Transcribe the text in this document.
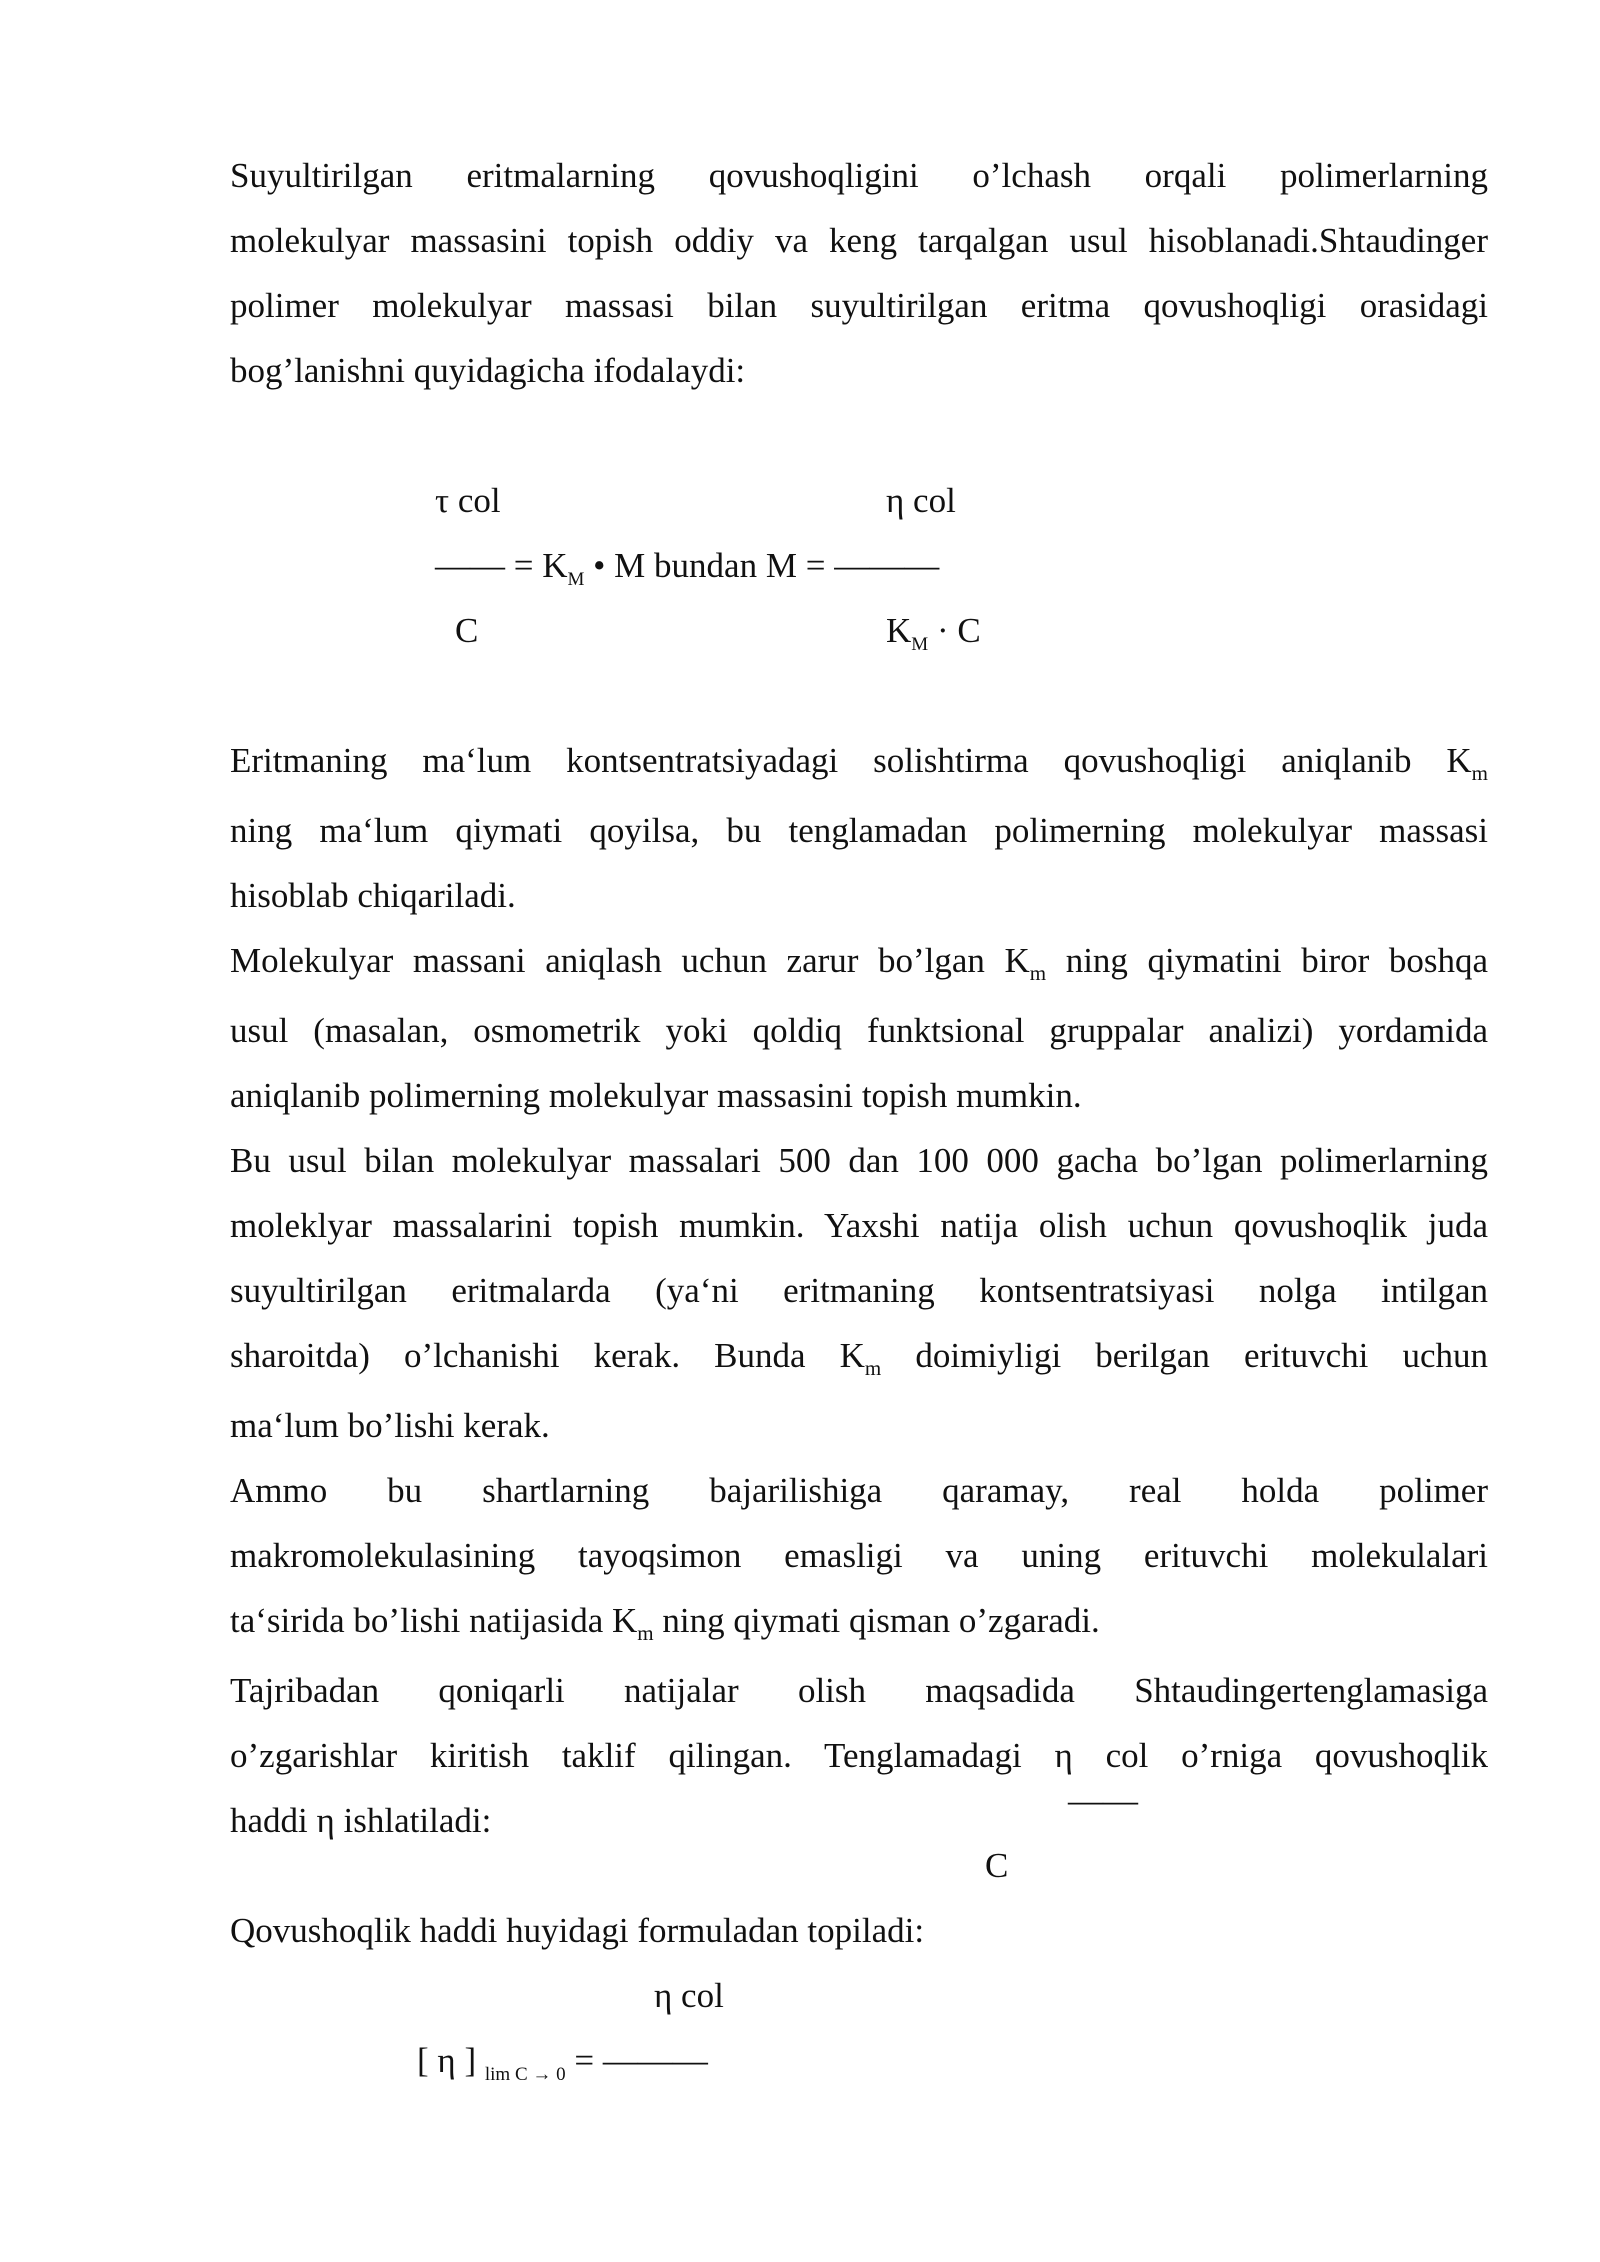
Suyultirilgan eritmalarning qovushoqligini o’lchash orqali polimerlarning

molekulyar massasini topish oddiy va keng tarqalgan usul hisoblanadi.Shtaudinger

polimer molekulyar massasi bilan suyultirilgan eritma qovushoqligi orasidagi

bog’lanishni quyidagicha ifodalaydi:

τ col	η col
—— = $K_M$ • M bundan M = ———
C	$K_M \cdot C$

Eritmaning ma‘lum kontsentratsiyadagi solishtirma qovushoqligi aniqlanib $K_m$

ning ma‘lum qiymati qoyilsa, bu tenglamadan polimerning molekulyar massasi

hisoblab chiqariladi.

Molekulyar massani aniqlash uchun zarur bo’lgan $K_m$ ning qiymatini biror boshqa

usul (masalan, osmometrik yoki qoldiq funktsional gruppalar analizi) yordamida

aniqlanib polimerning molekulyar massasini topish mumkin.

Bu usul bilan molekulyar massalari 500 dan 100 000 gacha bo’lgan polimerlarning

moleklyar massalarini topish mumkin. Yaxshi natija olish uchun qovushoqlik juda

suyultirilgan eritmalarda (ya‘ni eritmaning kontsentratsiyasi nolga intilgan

sharoitda) o’lchanishi kerak. Bunda $K_m$ doimiyligi berilgan erituvchi uchun

ma‘lum bo’lishi kerak.

Ammo bu shartlarning bajarilishiga qaramay, real holda polimer

makromolekulasining tayoqsimon emasligi va uning erituvchi molekulalari

ta‘sirida bo’lishi natijasida $K_m$ ning qiymati qisman o’zgaradi.

Tajribadan qoniqarli natijalar olish maqsadida Shtaudingertenglamasiga

o’zgarishlar kiritish taklif qilingan. Tenglamadagi η col o’rniga qovushoqlik

haddi η ishlatiladi:

——
C
Qovushoqlik haddi huyidagi formuladan topiladi:
η col
[ η ] $_{lim C \to 0}$ = ———
